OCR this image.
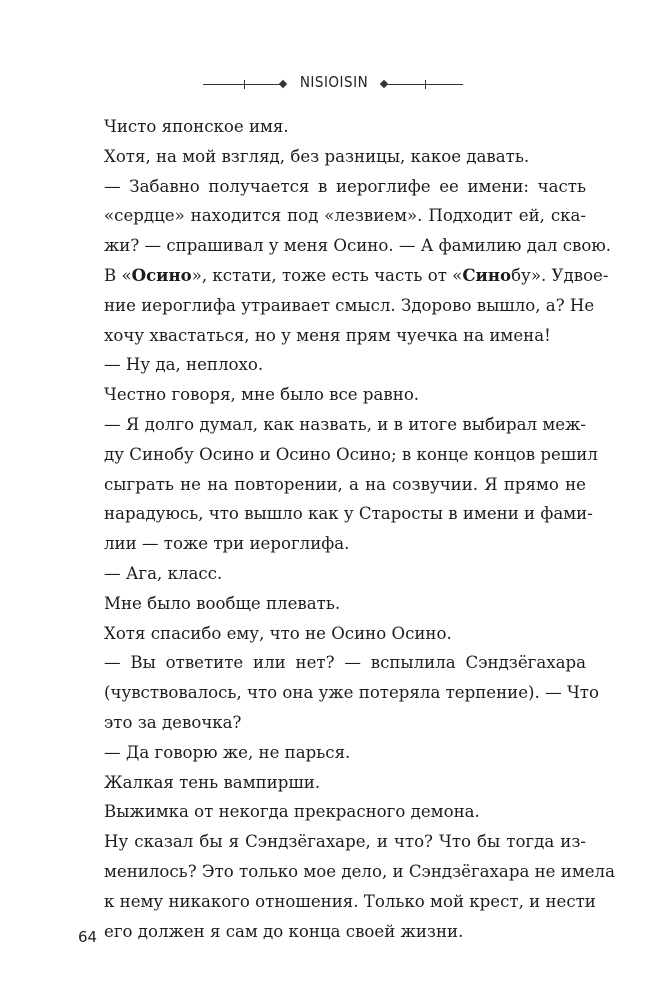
NISIOISIN
Чисто японское имя.
Хотя, на мой взгляд, без разницы, какое давать.
— Забавно получается в иероглифе ее имени: часть
«сердце» находится под «лезвием». Подходит ей, ска-
жи? — спрашивал у меня Осино. — А фамилию дал свою.
В «Осино», кстати, тоже есть часть от «Синобу». Удвое-
ние иероглифа утраивает смысл. Здорово вышло, а? Не
хочу хвастаться, но у меня прям чуечка на имена!
— Ну да, неплохо.
Честно говоря, мне было все равно.
— Я долго думал, как назвать, и в итоге выбирал меж-
ду Синобу Осино и Осино Осино; в конце концов решил
сыграть не на повторении, а на созвучии. Я прямо не
нарадуюсь, что вышло как у Старосты в имени и фами-
лии — тоже три иероглифа.
— Ага, класс.
Мне было вообще плевать.
Хотя спасибо ему, что не Осино Осино.
— Вы ответите или нет? — вспылила Сэндзёгахара
(чувствовалось, что она уже потеряла терпение). — Что
это за девочка?
— Да говорю же, не парься.
Жалкая тень вампирши.
Выжимка от некогда прекрасного демона.
Ну сказал бы я Сэндзёгахаре, и что? Что бы тогда из-
менилось? Это только мое дело, и Сэндзёгахара не имела
к нему никакого отношения. Только мой крест, и нести
его должен я сам до конца своей жизни.
64
